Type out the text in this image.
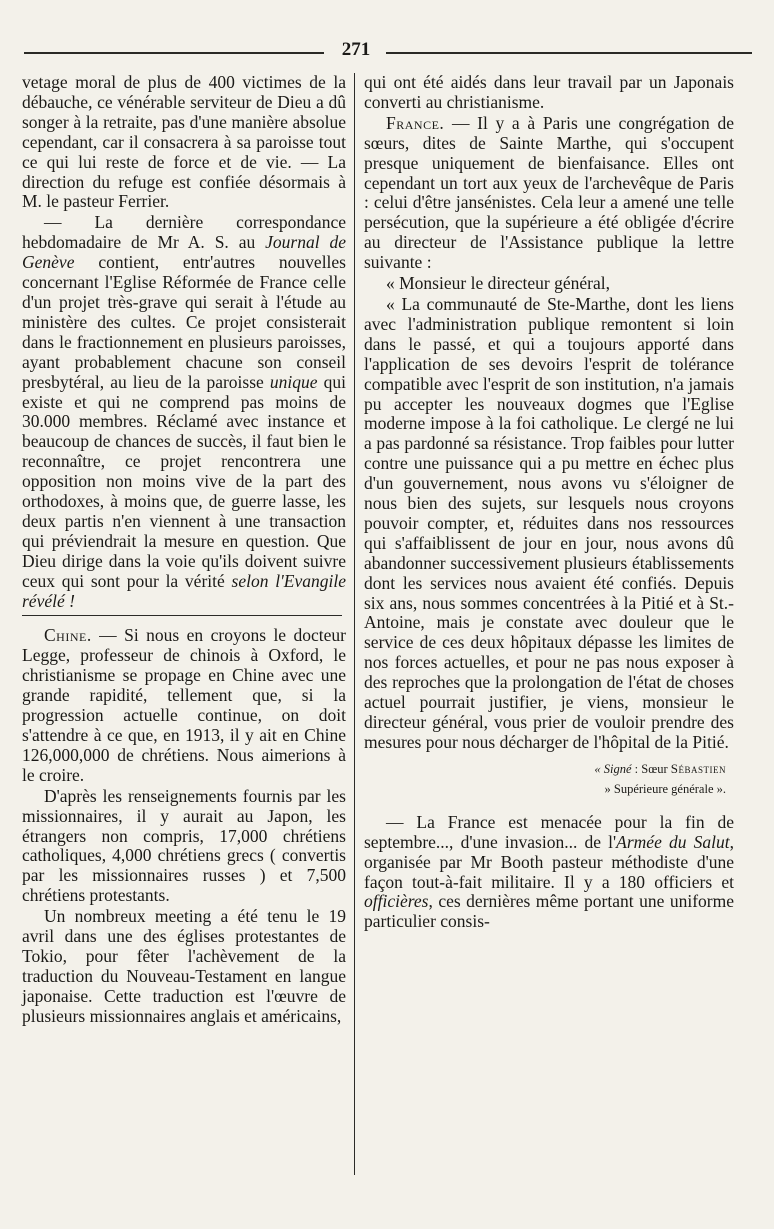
271

vetage moral de plus de 400 victimes de la débauche, ce vénérable serviteur de Dieu a dû songer à la retraite, pas d'une manière absolue cependant, car il consacrera à sa paroisse tout ce qui lui reste de force et de vie. — La direction du refuge est confiée désormais à M. le pasteur Ferrier.

— La dernière correspondance hebdomadaire de Mr A. S. au Journal de Genève contient, entr'autres nouvelles concernant l'Eglise Réformée de France celle d'un projet très-grave qui serait à l'étude au ministère des cultes. Ce projet consisterait dans le fractionnement en plusieurs paroisses, ayant probablement chacune son conseil presbytéral, au lieu de la paroisse unique qui existe et qui ne comprend pas moins de 30.000 membres. Réclamé avec instance et beaucoup de chances de succès, il faut bien le reconnaître, ce projet rencontrera une opposition non moins vive de la part des orthodoxes, à moins que, de guerre lasse, les deux partis n'en viennent à une transaction qui préviendrait la mesure en question. Que Dieu dirige dans la voie qu'ils doivent suivre ceux qui sont pour la vérité selon l'Evangile révélé !

Chine. — Si nous en croyons le docteur Legge, professeur de chinois à Oxford, le christianisme se propage en Chine avec une grande rapidité, tellement que, si la progression actuelle continue, on doit s'attendre à ce que, en 1913, il y ait en Chine 126,000,000 de chrétiens. Nous aimerions à le croire.

D'après les renseignements fournis par les missionnaires, il y aurait au Japon, les étrangers non compris, 17,000 chrétiens catholiques, 4,000 chrétiens grecs ( convertis par les missionnaires russes ) et 7,500 chrétiens protestants.

Un nombreux meeting a été tenu le 19 avril dans une des églises protestantes de Tokio, pour fêter l'achèvement de la traduction du Nouveau-Testament en langue japonaise. Cette traduction est l'œuvre de plusieurs missionnaires anglais et américains,

qui ont été aidés dans leur travail par un Japonais converti au christianisme.

France. — Il y a à Paris une congrégation de sœurs, dites de Sainte Marthe, qui s'occupent presque uniquement de bienfaisance. Elles ont cependant un tort aux yeux de l'archevêque de Paris : celui d'être jansénistes. Cela leur a amené une telle persécution, que la supérieure a été obligée d'écrire au directeur de l'Assistance publique la lettre suivante :

« Monsieur le directeur général,

« La communauté de Ste-Marthe, dont les liens avec l'administration publique remontent si loin dans le passé, et qui a toujours apporté dans l'application de ses devoirs l'esprit de tolérance compatible avec l'esprit de son institution, n'a jamais pu accepter les nouveaux dogmes que l'Eglise moderne impose à la foi catholique. Le clergé ne lui a pas pardonné sa résistance. Trop faibles pour lutter contre une puissance qui a pu mettre en échec plus d'un gouvernement, nous avons vu s'éloigner de nous bien des sujets, sur lesquels nous croyons pouvoir compter, et, réduites dans nos ressources qui s'affaiblissent de jour en jour, nous avons dû abandonner successivement plusieurs établissements dont les services nous avaient été confiés. Depuis six ans, nous sommes concentrées à la Pitié et à St.-Antoine, mais je constate avec douleur que le service de ces deux hôpitaux dépasse les limites de nos forces actuelles, et pour ne pas nous exposer à des reproches que la prolongation de l'état de choses actuel pourrait justifier, je viens, monsieur le directeur général, vous prier de vouloir prendre des mesures pour nous décharger de l'hôpital de la Pitié.

« Signé : Sœur Sébastien
» Supérieure générale ».

— La France est menacée pour la fin de septembre..., d'une invasion... de l'Armée du Salut, organisée par Mr Booth pasteur méthodiste d'une façon tout-à-fait militaire. Il y a 180 officiers et officières, ces dernières même portant une uniforme particulier consis-
